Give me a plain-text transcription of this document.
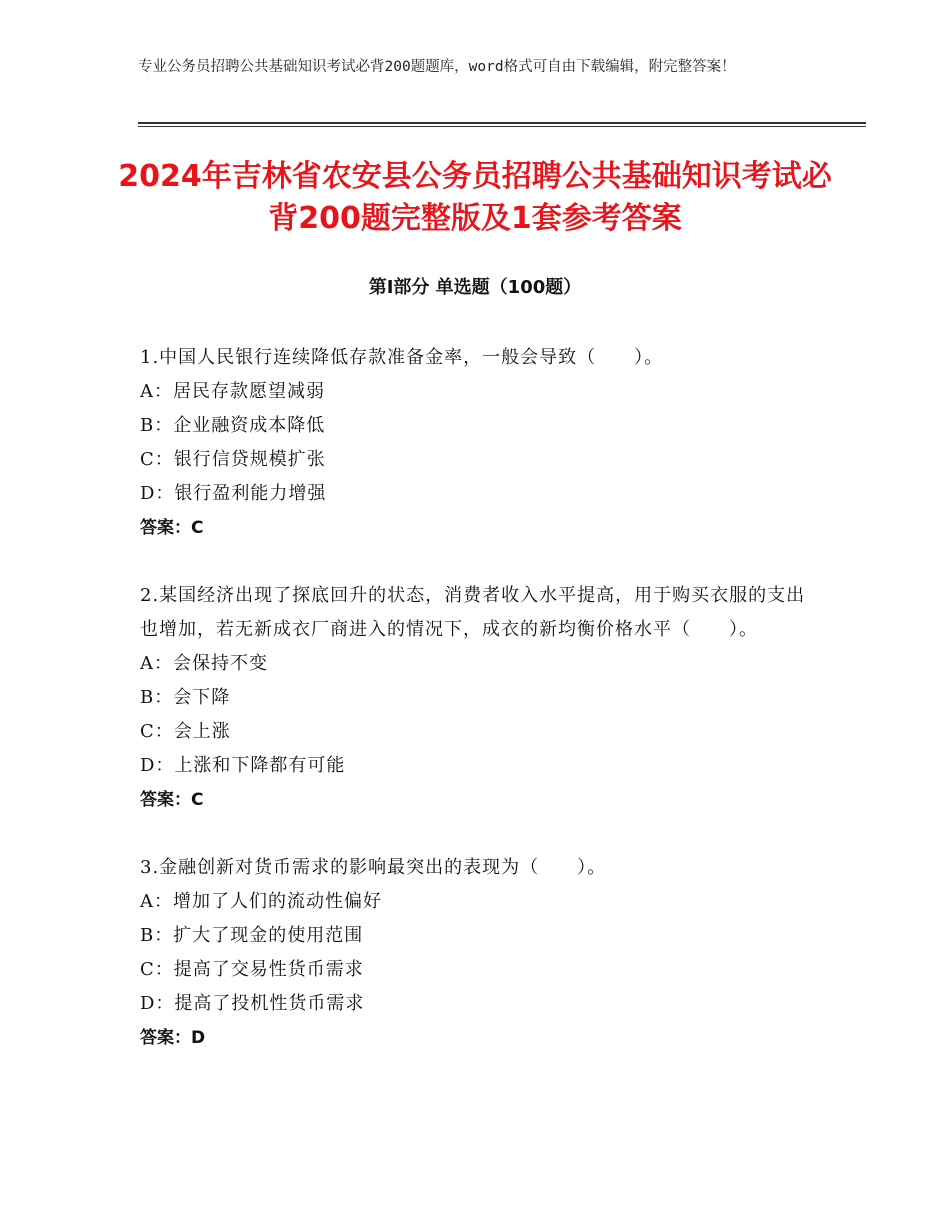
专业公务员招聘公共基础知识考试必背200题题库，word格式可自由下载编辑，附完整答案！
2024年吉林省农安县公务员招聘公共基础知识考试必背200题完整版及1套参考答案
第I部分 单选题（100题）
1.中国人民银行连续降低存款准备金率，一般会导致（　　）。
A：居民存款愿望减弱
B：企业融资成本降低
C：银行信贷规模扩张
D：银行盈利能力增强
答案：C
2.某国经济出现了探底回升的状态，消费者收入水平提高，用于购买衣服的支出也增加，若无新成衣厂商进入的情况下，成衣的新均衡价格水平（　　）。
A：会保持不变
B：会下降
C：会上涨
D：上涨和下降都有可能
答案：C
3.金融创新对货币需求的影响最突出的表现为（　　）。
A：增加了人们的流动性偏好
B：扩大了现金的使用范围
C：提高了交易性货币需求
D：提高了投机性货币需求
答案：D
